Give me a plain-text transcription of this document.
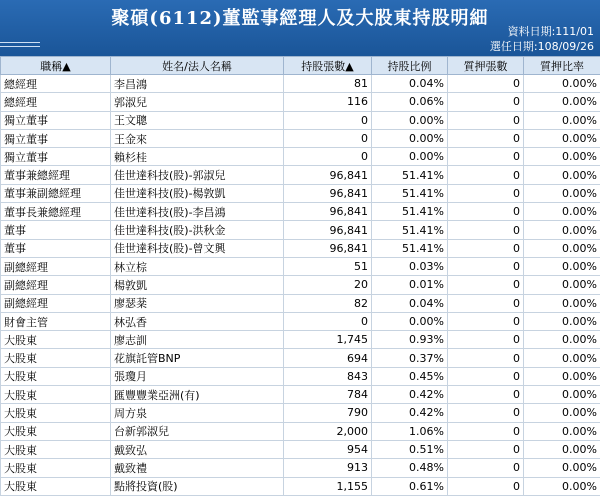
聚碩(6112)董監事經理人及大股東持股明細
資料日期:111/01
選任日期:108/09/26
職稱▲	姓名/法人名稱	持股張數▲	持股比例	質押張數	質押比率
總經理	李昌鴻	81	0.04%	0	0.00%
總經理	郭淑兒	116	0.06%	0	0.00%
獨立董事	王文聰	0	0.00%	0	0.00%
獨立董事	王金來	0	0.00%	0	0.00%
獨立董事	賴杉桂	0	0.00%	0	0.00%
董事兼總經理	佳世達科技(股)-郭淑兒	96,841	51.41%	0	0.00%
董事兼副總經理	佳世達科技(股)-楊敦凱	96,841	51.41%	0	0.00%
董事長兼總經理	佳世達科技(股)-李昌鴻	96,841	51.41%	0	0.00%
董事	佳世達科技(股)-洪秋金	96,841	51.41%	0	0.00%
董事	佳世達科技(股)-曾文興	96,841	51.41%	0	0.00%
副總經理	林立棕	51	0.03%	0	0.00%
副總經理	楊敦凱	20	0.01%	0	0.00%
副總經理	廖瑟棻	82	0.04%	0	0.00%
財會主管	林弘香	0	0.00%	0	0.00%
大股東	廖志訓	1,745	0.93%	0	0.00%
大股東	花旗託管BNP	694	0.37%	0	0.00%
大股東	張瓊月	843	0.45%	0	0.00%
大股東	匯豐豐業亞洲(有)	784	0.42%	0	0.00%
大股東	周方泉	790	0.42%	0	0.00%
大股東	台新郭淑兒	2,000	1.06%	0	0.00%
大股東	戴致弘	954	0.51%	0	0.00%
大股東	戴致禮	913	0.48%	0	0.00%
大股東	點將投資(股)	1,155	0.61%	0	0.00%
